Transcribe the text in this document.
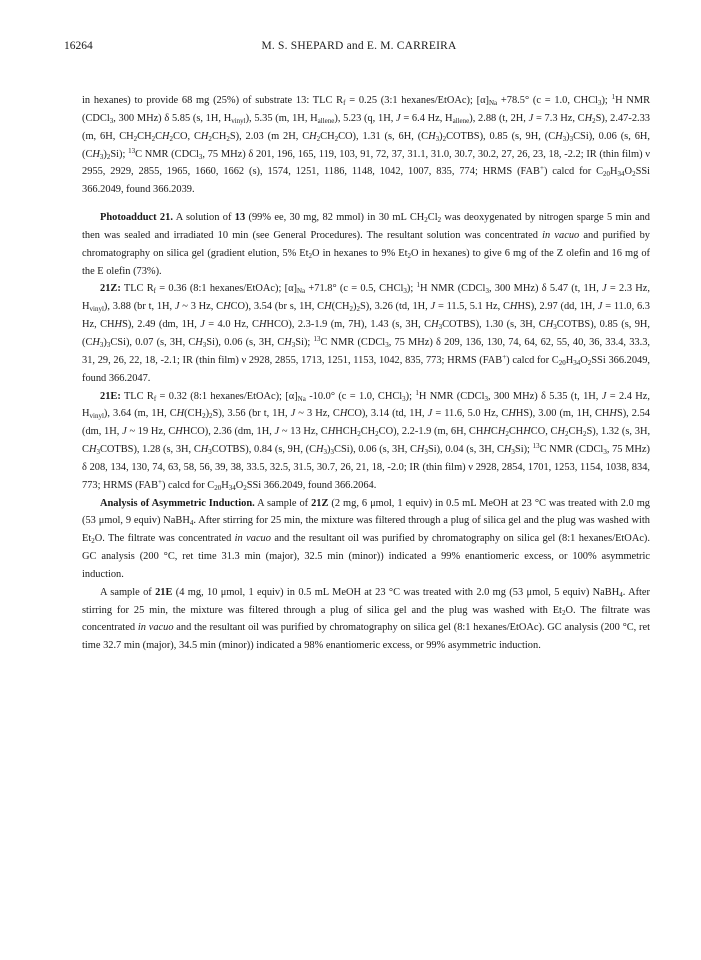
16264	M. S. SHEPARD and E. M. CARREIRA

in hexanes) to provide 68 mg (25%) of substrate 13: TLC $R_f = 0.25$ (3:1 hexanes/EtOAc); $[\alpha]_{Na} +78.5^\circ$ (c = 1.0, CHCl$_3$); $^1$H NMR (CDCl$_3$, 300 MHz) δ 5.85 (s, 1H, $H_{vinyl}$), 5.35 (m, 1H, $H_{allene}$), 5.23 (q, 1H, J = 6.4 Hz, $H_{allene}$), 2.88 (t, 2H, J = 7.3 Hz, $CH_2S$), 2.47-2.33 (m, 6H, $CH_2CH_2CH_2CO$, $CH_2CH_2S$), 2.03 (m 2H, $CH_2CH_2CO$), 1.31 (s, 6H, $(CH_3)_2COTBS$), 0.85 (s, 9H, $(CH_3)_3CSi$), 0.06 (s, 6H, $(CH_3)_2Si$); $^{13}$C NMR (CDCl$_3$, 75 MHz) δ 201, 196, 165, 119, 103, 91, 72, 37, 31.1, 31.0, 30.7, 30.2, 27, 26, 23, 18, -2.2; IR (thin film) ν 2955, 2929, 2855, 1965, 1660, 1662 (s), 1574, 1251, 1186, 1148, 1042, 1007, 835, 774; HRMS (FAB+) calcd for $C_{20}H_{34}O_2SSi$ 366.2049, found 366.2039.

Photoadduct 21. A solution of 13 (99% ee, 30 mg, 82 mmol) in 30 mL $CH_2Cl_2$ was deoxygenated by nitrogen sparge 5 min and then was sealed and irradiated 10 min (see General Procedures). The resultant solution was concentrated in vacuo and purified by chromatography on silica gel (gradient elution, 5% $Et_2O$ in hexanes to 9% $Et_2O$ in hexanes) to give 6 mg of the Z olefin and 16 mg of the E olefin (73%).

21Z: TLC $R_f = 0.36$ (8:1 hexanes/EtOAc); $[\alpha]_{Na} +71.8^\circ$ (c = 0.5, CHCl$_3$); $^1$H NMR (CDCl$_3$, 300 MHz) δ 5.47 (t, 1H, J = 2.3 Hz, $H_{vinyl}$), 3.88 (br t, 1H, J ~ 3 Hz, CHCO), 3.54 (br s, 1H, $CH(CH_2)_2S$), 3.26 (td, 1H, J = 11.5, 5.1 Hz, CHHS), 2.97 (dd, 1H, J = 11.0, 6.3 Hz, CHHS), 2.49 (dm, 1H, J = 4.0 Hz, CHHCO), 2.3-1.9 (m, 7H), 1.43 (s, 3H, $CH_3COTBS$), 1.30 (s, 3H, $CH_3COTBS$), 0.85 (s, 9H, $(CH_3)_3CSi$), 0.07 (s, 3H, $CH_3Si$), 0.06 (s, 3H, $CH_3Si$); $^{13}$C NMR (CDCl$_3$, 75 MHz) δ 209, 136, 130, 74, 64, 62, 55, 40, 36, 33.4, 33.3, 31, 29, 26, 22, 18, -2.1; IR (thin film) ν 2928, 2855, 1713, 1251, 1153, 1042, 835, 773; HRMS (FAB+) calcd for $C_{20}H_{34}O_2SSi$ 366.2049, found 366.2047.

21E: TLC $R_f = 0.32$ (8:1 hexanes/EtOAc); $[\alpha]_{Na}$ -10.0° (c = 1.0, CHCl$_3$); $^1$H NMR (CDCl$_3$, 300 MHz) δ 5.35 (t, 1H, J = 2.4 Hz, $H_{vinyl}$), 3.64 (m, 1H, $CH(CH_2)_2S$), 3.56 (br t, 1H, J ~ 3 Hz, CHCO), 3.14 (td, 1H, J = 11.6, 5.0 Hz, CHHS), 3.00 (m, 1H, CHHS), 2.54 (dm, 1H, J ~ 19 Hz, CHHCO), 2.36 (dm, 1H, J ~ 13 Hz, $CHHCH_2CH_2CO$), 2.2-1.9 (m, 6H, $CHHCH_2CHHCO$, $CH_2CH_2S$), 1.32 (s, 3H, $CH_3COTBS$), 1.28 (s, 3H, $CH_3COTBS$), 0.84 (s, 9H, $(CH_3)_3CSi$), 0.06 (s, 3H, $CH_3Si$), 0.04 (s, 3H, $CH_3Si$); $^{13}$C NMR (CDCl$_3$, 75 MHz) δ 208, 134, 130, 74, 63, 58, 56, 39, 38, 33.5, 32.5, 31.5, 30.7, 26, 21, 18, -2.0; IR (thin film) ν 2928, 2854, 1701, 1253, 1154, 1038, 834, 773; HRMS (FAB+) calcd for $C_{20}H_{34}O_2SSi$ 366.2049, found 366.2064.

Analysis of Asymmetric Induction. A sample of 21Z (2 mg, 6 μmol, 1 equiv) in 0.5 mL MeOH at 23 °C was treated with 2.0 mg (53 μmol, 9 equiv) NaBH$_4$. After stirring for 25 min, the mixture was filtered through a plug of silica gel and the plug was washed with $Et_2O$. The filtrate was concentrated in vacuo and the resultant oil was purified by chromatography on silica gel (8:1 hexanes/EtOAc). GC analysis (200 °C, ret time 31.3 min (major), 32.5 min (minor)) indicated a 99% enantiomeric excess, or 100% asymmetric induction.

A sample of 21E (4 mg, 10 μmol, 1 equiv) in 0.5 mL MeOH at 23 °C was treated with 2.0 mg (53 μmol, 5 equiv) NaBH$_4$. After stirring for 25 min, the mixture was filtered through a plug of silica gel and the plug was washed with $Et_2O$. The filtrate was concentrated in vacuo and the resultant oil was purified by chromatography on silica gel (8:1 hexanes/EtOAc). GC analysis (200 °C, ret time 32.7 min (major), 34.5 min (minor)) indicated a 98% enantiomeric excess, or 99% asymmetric induction.
